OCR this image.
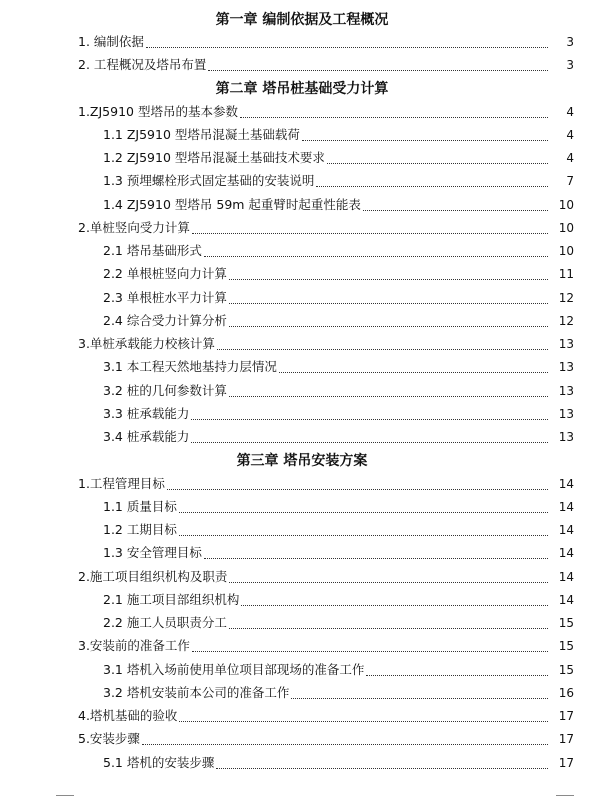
第一章 编制依据及工程概况
1. 编制依据	3
2. 工程概况及塔吊布置	3
第二章 塔吊桩基础受力计算
1.ZJ5910 型塔吊的基本参数	4
1.1 ZJ5910 型塔吊混凝土基础载荷	4
1.2 ZJ5910 型塔吊混凝土基础技术要求	4
1.3 预埋螺栓形式固定基础的安装说明	7
1.4 ZJ5910 型塔吊 59m 起重臂时起重性能表	10
2.单桩竖向受力计算	10
2.1 塔吊基础形式	10
2.2 单根桩竖向力计算	11
2.3 单根桩水平力计算	12
2.4 综合受力计算分析	12
3.单桩承载能力校核计算	13
3.1 本工程天然地基持力层情况	13
3.2 桩的几何参数计算	13
3.3 桩承载能力	13
3.4 桩承载能力	13
第三章 塔吊安装方案
1.工程管理目标	14
1.1 质量目标	14
1.2 工期目标	14
1.3 安全管理目标	14
2.施工项目组织机构及职责	14
2.1 施工项目部组织机构	14
2.2 施工人员职责分工	15
3.安装前的准备工作	15
3.1 塔机入场前使用单位项目部现场的准备工作	15
3.2 塔机安装前本公司的准备工作	16
4.塔机基础的验收	17
5.安装步骤	17
5.1 塔机的安装步骤	17
